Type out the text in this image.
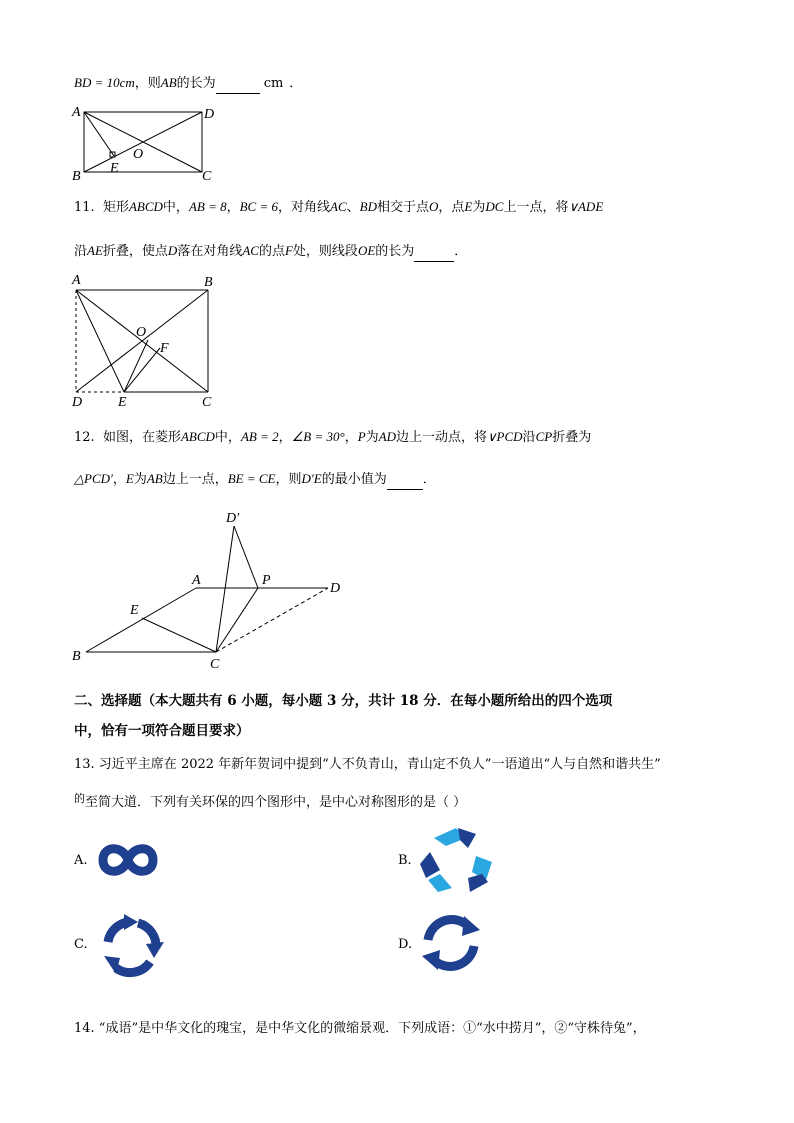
BD = 10cm，则AB的长为	cm ．
A	D
E
O
B	C
11. 矩形ABCD中，AB = 8，BC = 6，对角线AC、BD相交于点O，点E为DC上一点，将∨ADE
沿AE折叠，使点D落在对角线AC的点F处，则线段OE的长为	．
A	B
O
F
D	E	C
12. 如图，在菱形ABCD中，AB = 2，∠B = 30°，P为AD边上一动点，将∨PCD沿CP折叠为
△PCD′，E为AB边上一点，BE = CE，则D′E的最小值为	．
D′
A	P
D
E
B
C
二、选择题（本大题共有 6 小题，每小题 3 分，共计 18 分．在每小题所给出的四个选项
中，恰有一项符合题目要求）
13. 习近平主席在 2022 年新年贺词中提到“人不负青山，青山定不负人”一语道出“人与自然和谐共生”
$^的$至简大道．下列有关环保的四个图形中，是中心对称图形的是（ ）
A.	B.
C.	D.
14. “成语”是中华文化的瑰宝，是中华文化的微缩景观．下列成语：①“水中捞月”，②“守株待兔”，
